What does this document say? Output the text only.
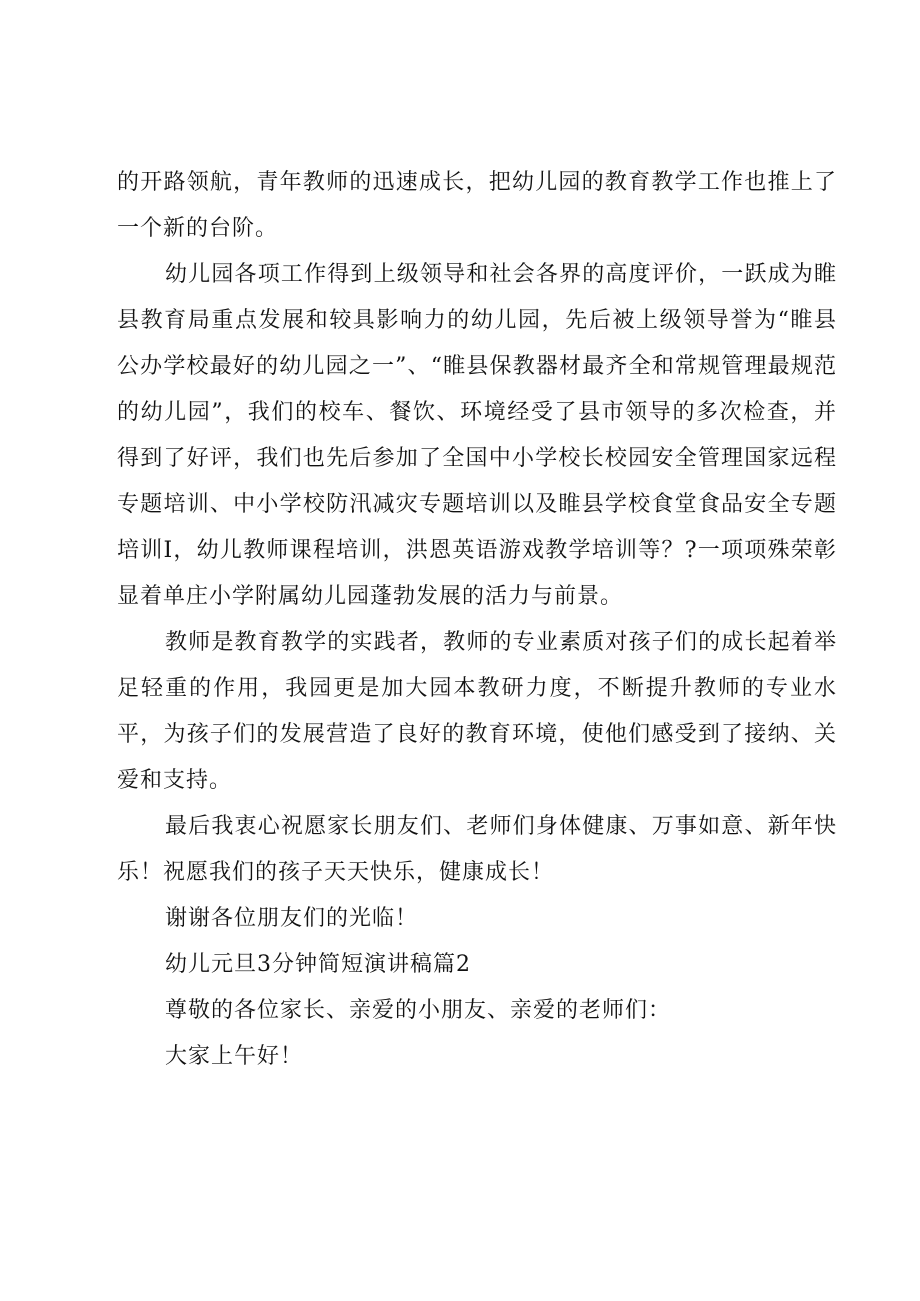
的开路领航，青年教师的迅速成长，把幼儿园的教育教学工作也推上了一个新的台阶。

幼儿园各项工作得到上级领导和社会各界的高度评价，一跃成为睢县教育局重点发展和较具影响力的幼儿园，先后被上级领导誉为“睢县公办学校最好的幼儿园之一”、“睢县保教器材最齐全和常规管理最规范的幼儿园”，我们的校车、餐饮、环境经受了县市领导的多次检查，并得到了好评，我们也先后参加了全国中小学校长校园安全管理国家远程专题培训、中小学校防汛减灾专题培训以及睢县学校食堂食品安全专题培训I，幼儿教师课程培训，洪恩英语游戏教学培训等？?一项项殊荣彰显着单庄小学附属幼儿园蓬勃发展的活力与前景。

教师是教育教学的实践者，教师的专业素质对孩子们的成长起着举足轻重的作用，我园更是加大园本教研力度，不断提升教师的专业水平，为孩子们的发展营造了良好的教育环境，使他们感受到了接纳、关爱和支持。

最后我衷心祝愿家长朋友们、老师们身体健康、万事如意、新年快乐！祝愿我们的孩子天天快乐，健康成长！

谢谢各位朋友们的光临！

幼儿元旦3分钟简短演讲稿篇2

尊敬的各位家长、亲爱的小朋友、亲爱的老师们：

大家上午好！
